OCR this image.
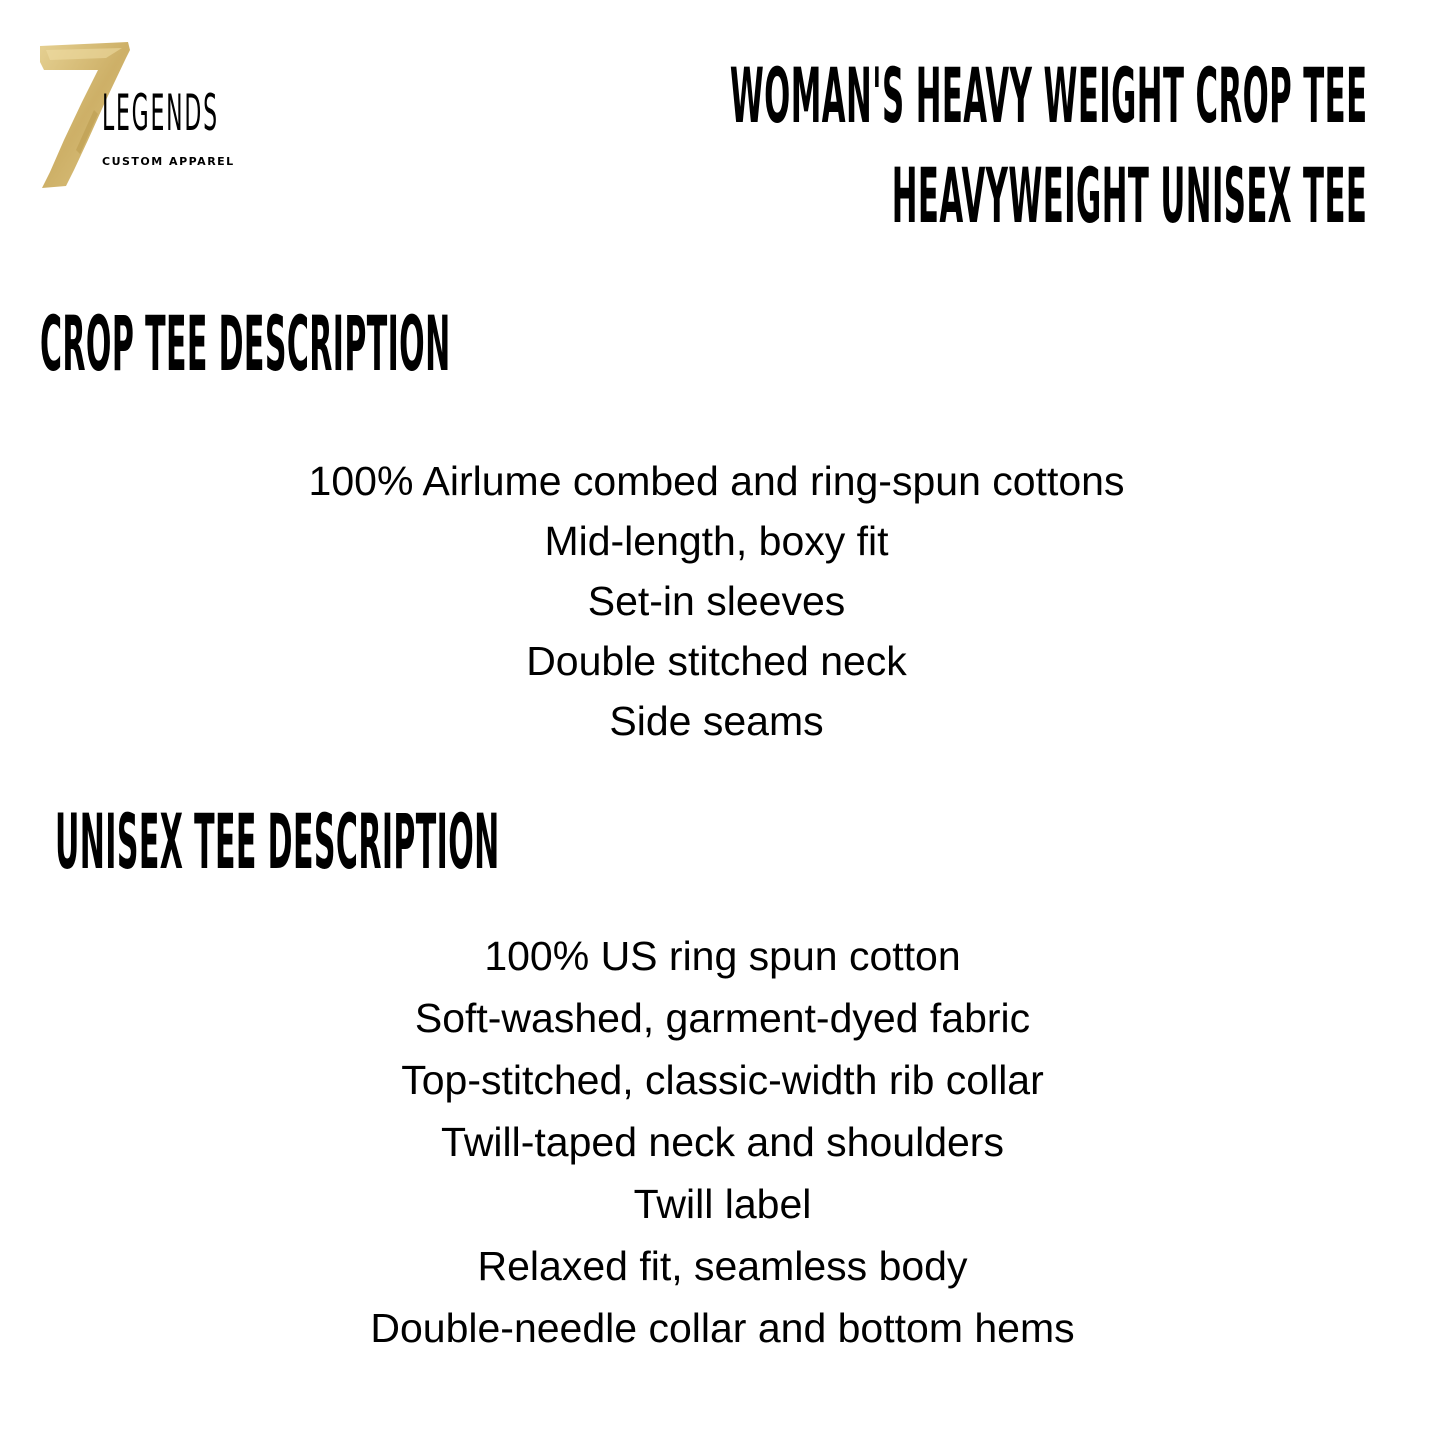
LEGENDS
CUSTOM APPAREL
WOMAN'S HEAVY WEIGHT CROP TEE
HEAVYWEIGHT UNISEX TEE
CROP TEE DESCRIPTION
100% Airlume combed and ring-spun cottons
Mid-length, boxy fit
Set-in sleeves
Double stitched neck
Side seams
UNISEX TEE DESCRIPTION
100% US ring spun cotton
Soft-washed, garment-dyed fabric
Top-stitched, classic-width rib collar
Twill-taped neck and shoulders
Twill label
Relaxed fit, seamless body
Double-needle collar and bottom hems
